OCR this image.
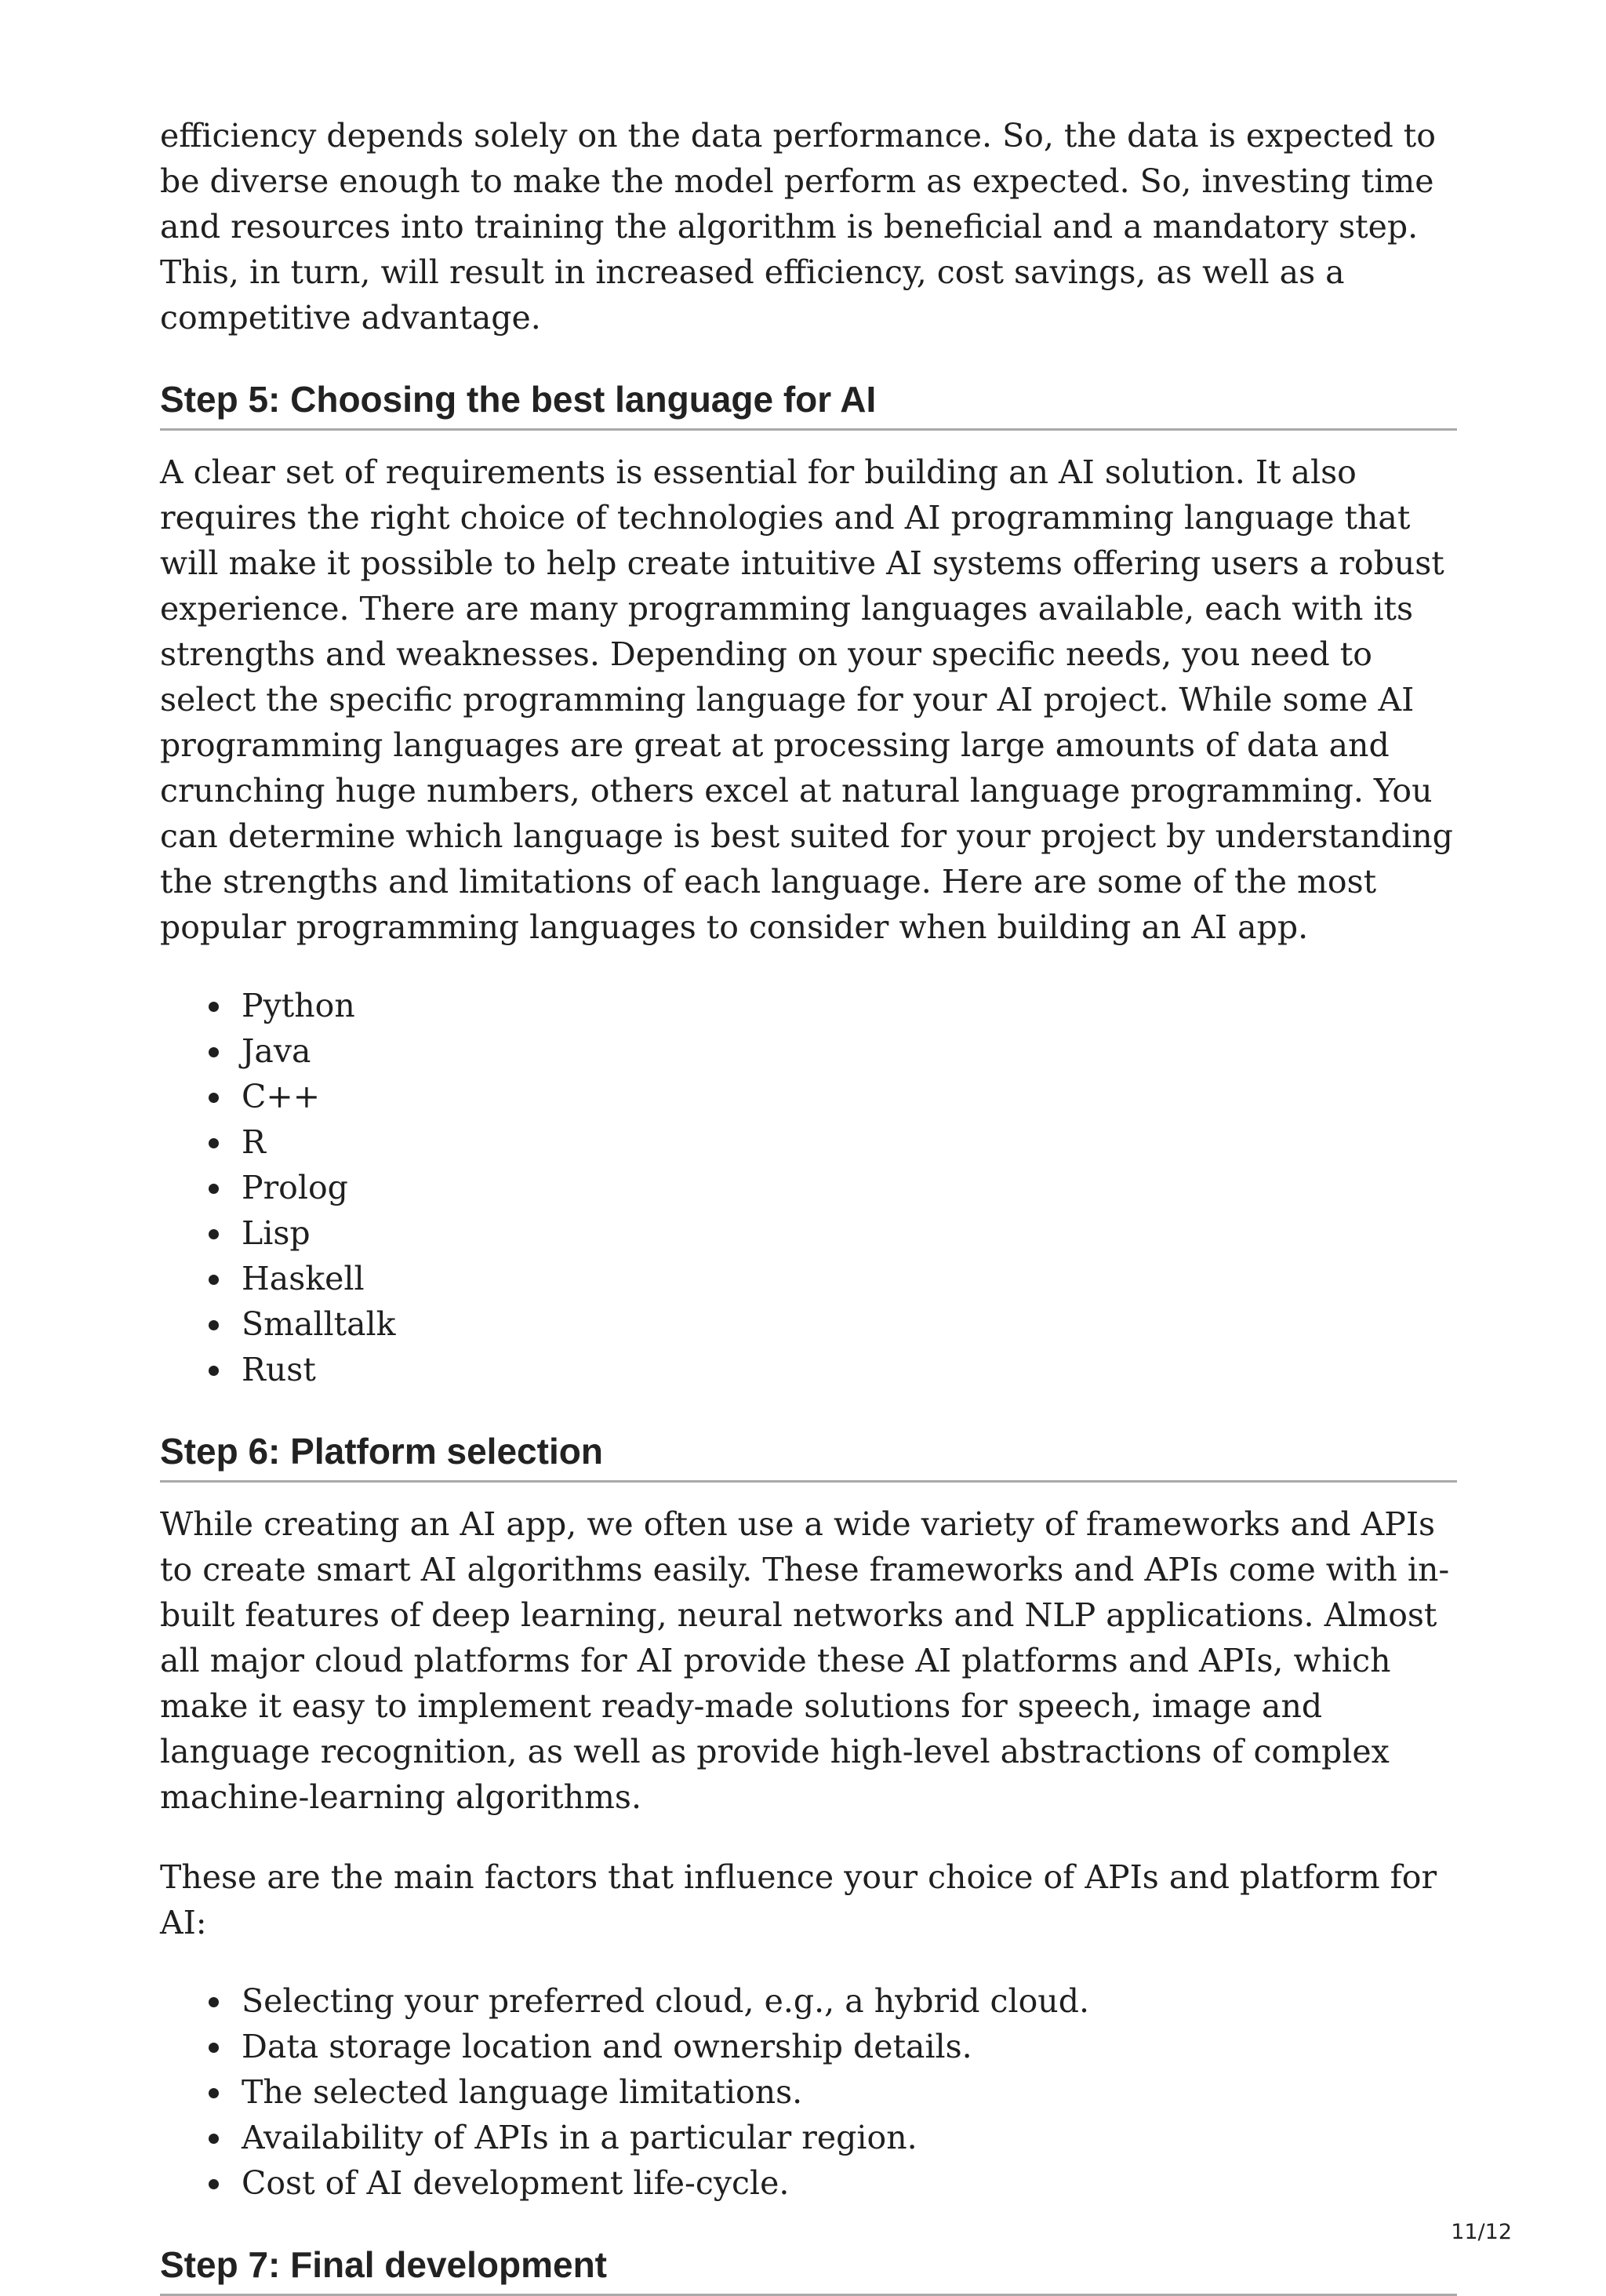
efficiency depends solely on the data performance. So, the data is expected to be diverse enough to make the model perform as expected. So, investing time and resources into training the algorithm is beneficial and a mandatory step. This, in turn, will result in increased efficiency, cost savings, as well as a competitive advantage.

Step 5: Choosing the best language for AI

A clear set of requirements is essential for building an AI solution. It also requires the right choice of technologies and AI programming language that will make it possible to help create intuitive AI systems offering users a robust experience. There are many programming languages available, each with its strengths and weaknesses. Depending on your specific needs, you need to select the specific programming language for your AI project. While some AI programming languages are great at processing large amounts of data and crunching huge numbers, others excel at natural language programming. You can determine which language is best suited for your project by understanding the strengths and limitations of each language. Here are some of the most popular programming languages to consider when building an AI app.

Python
Java
C++
R
Prolog
Lisp
Haskell
Smalltalk
Rust
Step 6: Platform selection

While creating an AI app, we often use a wide variety of frameworks and APIs to create smart AI algorithms easily. These frameworks and APIs come with in-built features of deep learning, neural networks and NLP applications. Almost all major cloud platforms for AI provide these AI platforms and APIs, which make it easy to implement ready-made solutions for speech, image and language recognition, as well as provide high-level abstractions of complex machine-learning algorithms.

These are the main factors that influence your choice of APIs and platform for AI:

Selecting your preferred cloud, e.g., a hybrid cloud.
Data storage location and ownership details.
The selected language limitations.
Availability of APIs in a particular region.
Cost of AI development life-cycle.
Step 7: Final development
11/12
